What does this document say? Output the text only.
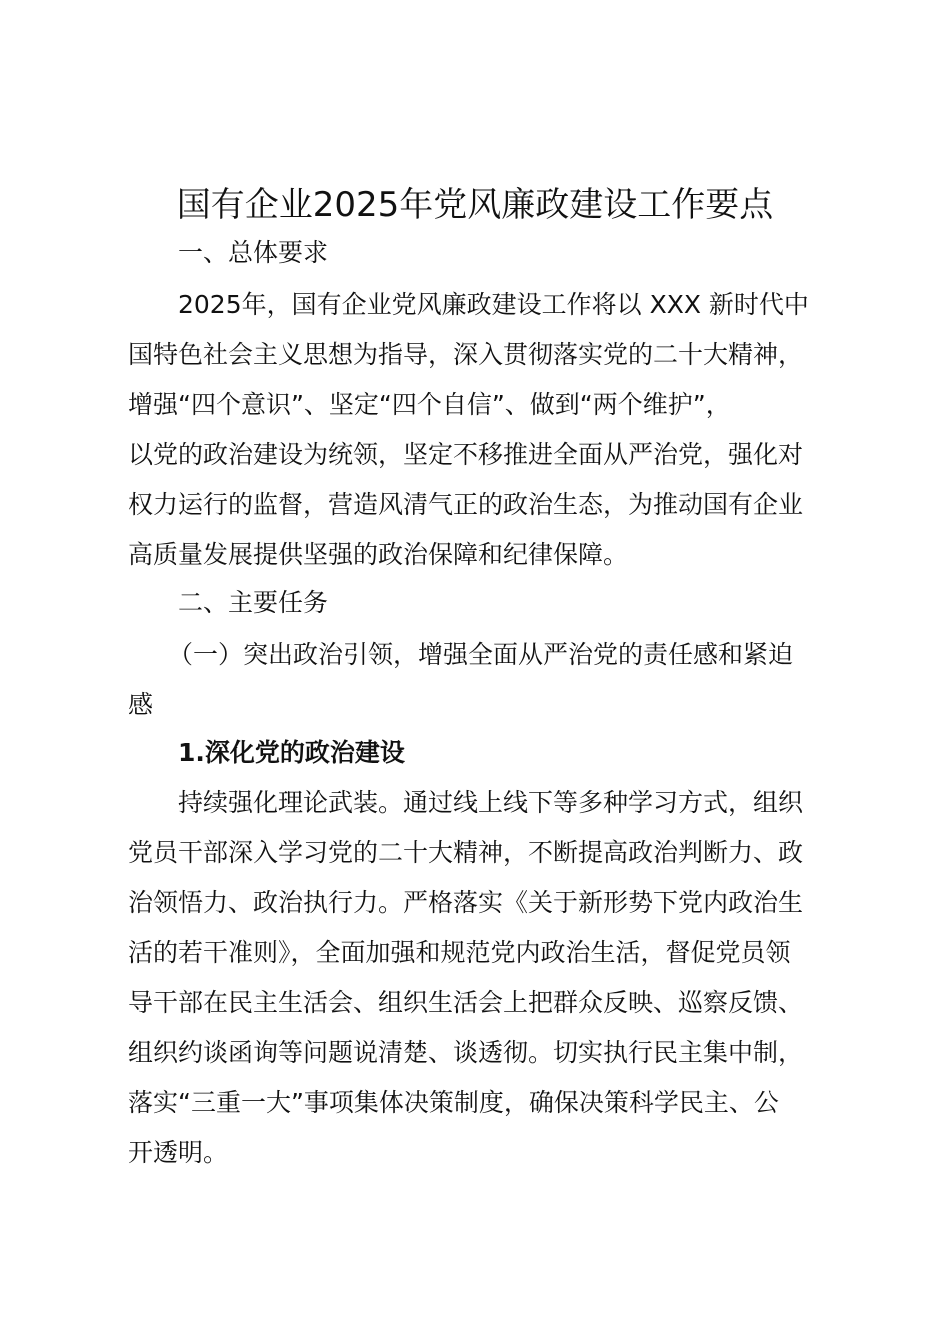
国有企业2025年党风廉政建设工作要点
一、总体要求
2025年，国有企业党风廉政建设工作将以 XXX 新时代中
国特色社会主义思想为指导，深入贯彻落实党的二十大精神，
增强“四个意识”、坚定“四个自信”、做到“两个维护”，
以党的政治建设为统领，坚定不移推进全面从严治党，强化对
权力运行的监督，营造风清气正的政治生态，为推动国有企业
高质量发展提供坚强的政治保障和纪律保障。
二、主要任务
（一）突出政治引领，增强全面从严治党的责任感和紧迫
感
1.深化党的政治建设
持续强化理论武装。通过线上线下等多种学习方式，组织
党员干部深入学习党的二十大精神，不断提高政治判断力、政
治领悟力、政治执行力。严格落实《关于新形势下党内政治生
活的若干准则》，全面加强和规范党内政治生活，督促党员领
导干部在民主生活会、组织生活会上把群众反映、巡察反馈、
组织约谈函询等问题说清楚、谈透彻。切实执行民主集中制，
落实“三重一大”事项集体决策制度，确保决策科学民主、公
开透明。
